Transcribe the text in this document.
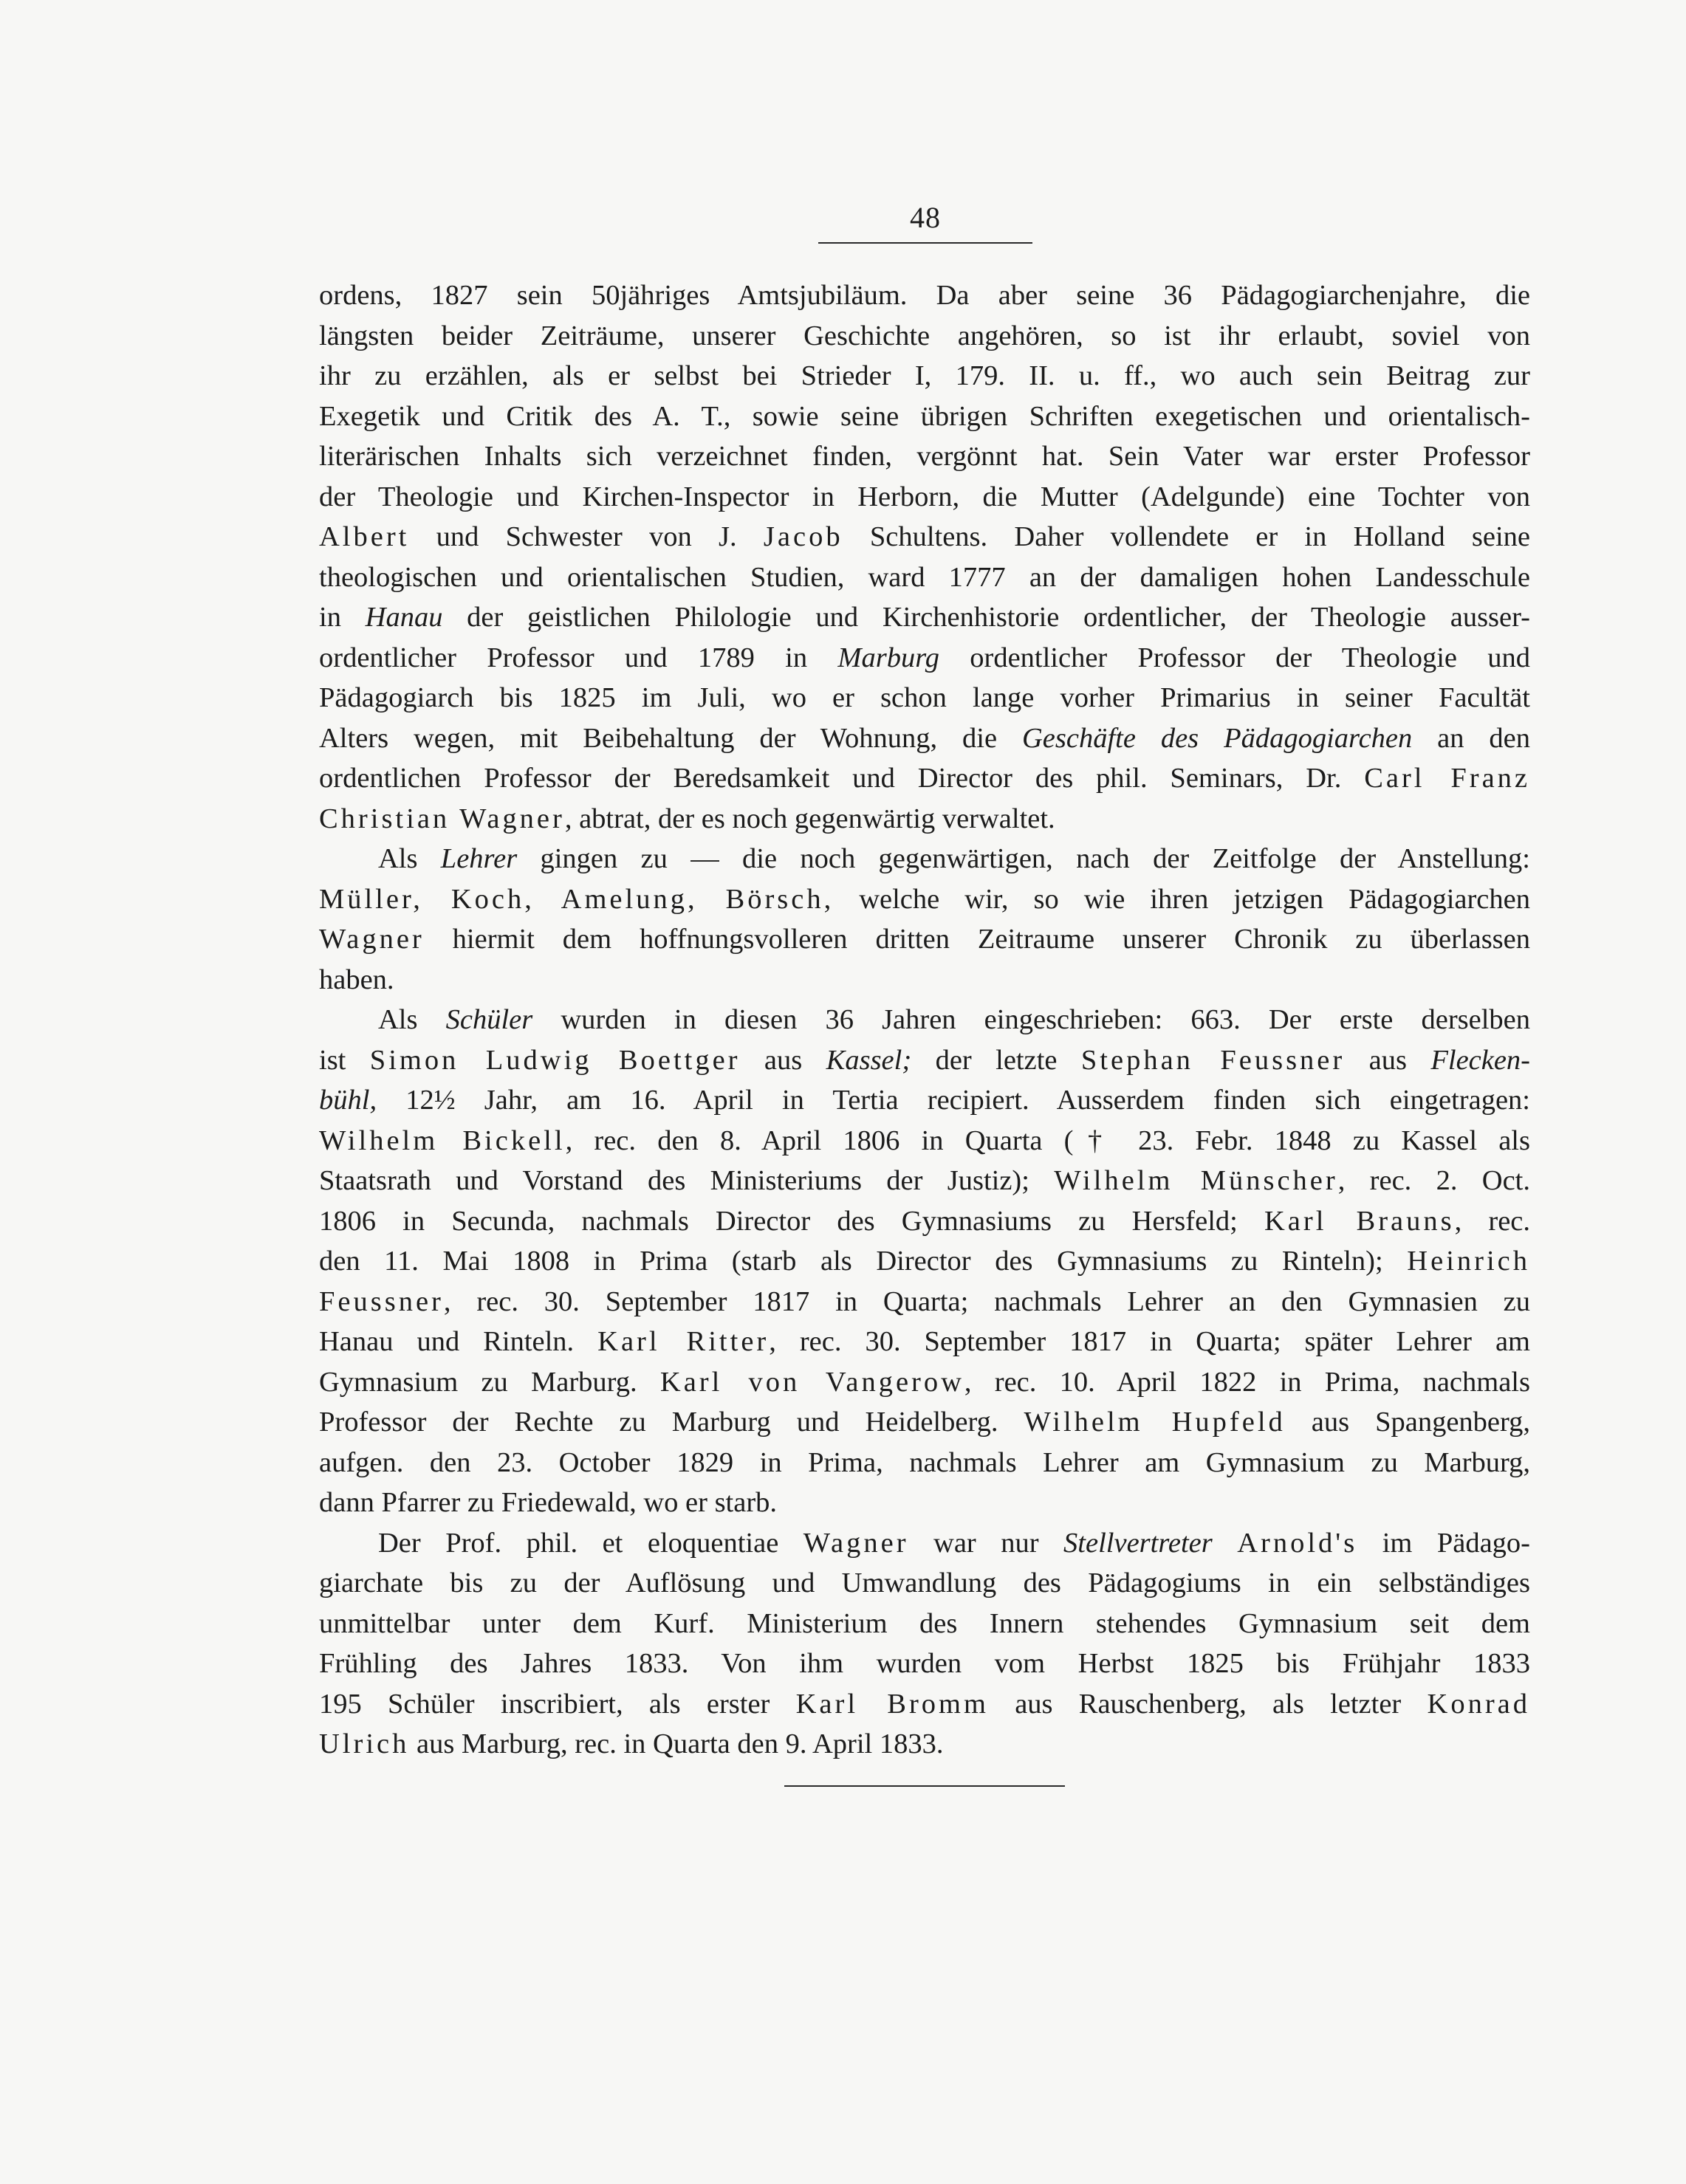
48
ordens, 1827 sein 50jähriges Amtsjubiläum. Da aber seine 36 Pädagogiarchenjahre, die
längsten beider Zeiträume, unserer Geschichte angehören, so ist ihr erlaubt, soviel von
ihr zu erzählen, als er selbst bei Strieder I, 179. II. u. ff., wo auch sein Beitrag zur
Exegetik und Critik des A. T., sowie seine übrigen Schriften exegetischen und orientalisch-
literärischen Inhalts sich verzeichnet finden, vergönnt hat. Sein Vater war erster Professor
der Theologie und Kirchen-Inspector in Herborn, die Mutter (Adelgunde) eine Tochter von
Albert und Schwester von J. Jacob Schultens. Daher vollendete er in Holland seine
theologischen und orientalischen Studien, ward 1777 an der damaligen hohen Landesschule
in Hanau der geistlichen Philologie und Kirchenhistorie ordentlicher, der Theologie ausser-
ordentlicher Professor und 1789 in Marburg ordentlicher Professor der Theologie und
Pädagogiarch bis 1825 im Juli, wo er schon lange vorher Primarius in seiner Facultät
Alters wegen, mit Beibehaltung der Wohnung, die Geschäfte des Pädagogiarchen an den
ordentlichen Professor der Beredsamkeit und Director des phil. Seminars, Dr. Carl Franz
Christian Wagner, abtrat, der es noch gegenwärtig verwaltet.
Als Lehrer gingen zu — die noch gegenwärtigen, nach der Zeitfolge der Anstellung:
Müller, Koch, Amelung, Börsch, welche wir, so wie ihren jetzigen Pädagogiarchen
Wagner hiermit dem hoffnungsvolleren dritten Zeitraume unserer Chronik zu überlassen
haben.
Als Schüler wurden in diesen 36 Jahren eingeschrieben: 663. Der erste derselben
ist Simon Ludwig Boettger aus Kassel; der letzte Stephan Feussner aus Flecken-
bühl, 12½ Jahr, am 16. April in Tertia recipiert. Ausserdem finden sich eingetragen:
Wilhelm Bickell, rec. den 8. April 1806 in Quarta († 23. Febr. 1848 zu Kassel als
Staatsrath und Vorstand des Ministeriums der Justiz); Wilhelm Münscher, rec. 2. Oct.
1806 in Secunda, nachmals Director des Gymnasiums zu Hersfeld; Karl Brauns, rec.
den 11. Mai 1808 in Prima (starb als Director des Gymnasiums zu Rinteln); Heinrich
Feussner, rec. 30. September 1817 in Quarta; nachmals Lehrer an den Gymnasien zu
Hanau und Rinteln. Karl Ritter, rec. 30. September 1817 in Quarta; später Lehrer am
Gymnasium zu Marburg. Karl von Vangerow, rec. 10. April 1822 in Prima, nachmals
Professor der Rechte zu Marburg und Heidelberg. Wilhelm Hupfeld aus Spangenberg,
aufgen. den 23. October 1829 in Prima, nachmals Lehrer am Gymnasium zu Marburg,
dann Pfarrer zu Friedewald, wo er starb.
Der Prof. phil. et eloquentiae Wagner war nur Stellvertreter Arnold's im Pädago-
giarchate bis zu der Auflösung und Umwandlung des Pädagogiums in ein selbständiges
unmittelbar unter dem Kurf. Ministerium des Innern stehendes Gymnasium seit dem
Frühling des Jahres 1833. Von ihm wurden vom Herbst 1825 bis Frühjahr 1833
195 Schüler inscribiert, als erster Karl Bromm aus Rauschenberg, als letzter Konrad
Ulrich aus Marburg, rec. in Quarta den 9. April 1833.
